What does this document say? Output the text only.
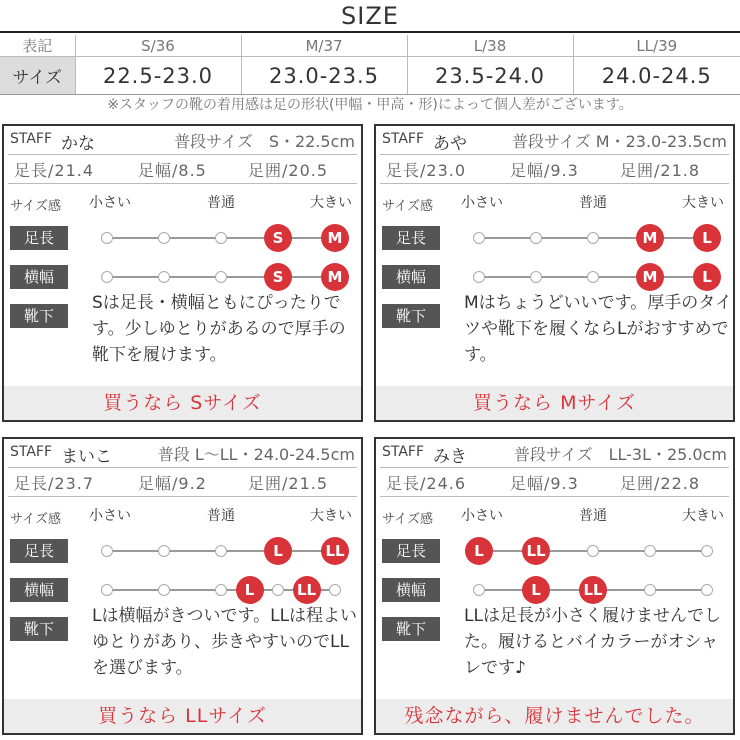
SIZE
表記	S/36	M/37	L/38	LL/39
サイズ	22.5-23.0	23.0-23.5	23.5-24.0	24.0-24.5
※スタッフの靴の着用感は足の形状(甲幅・甲高・形)によって個人差がございます。
STAFF かな	普段サイズ　S・22.5cm
足長/21.4	足幅/8.5	足囲/20.5
サイズ感 小さい	普通	大きい
足長	S	M
横幅	S	M
靴下
Sは足長・横幅ともにぴったりです。少しゆとりがあるので厚手の靴下を履けます。
買うなら Sサイズ
STAFF あや	普段サイズ M・23.0-23.5cm
足長/23.0	足幅/9.3	足囲/21.8
サイズ感 小さい	普通	大きい
足長	M	L
横幅	M	L
靴下
Mはちょうどいいです。厚手のタイツや靴下を履くならLがおすすめです。
買うなら Mサイズ
STAFF まいこ	普段 L〜LL・24.0-24.5cm
足長/23.7	足幅/9.2	足囲/21.5
サイズ感 小さい	普通	大きい
足長	L	LL
横幅	L	LL
靴下
Lは横幅がきついです。LLは程よいゆとりがあり、歩きやすいのでLLを選びます。
買うなら LLサイズ
STAFF みき	普段サイズ　LL-3L・25.0cm
足長/24.6	足幅/9.3	足囲/22.8
サイズ感 小さい	普通	大きい
足長	L	LL
横幅	L	LL
靴下
LLは足長が小さく履けませんでした。履けるとバイカラーがオシャレです♪
残念ながら、履けませんでした。
